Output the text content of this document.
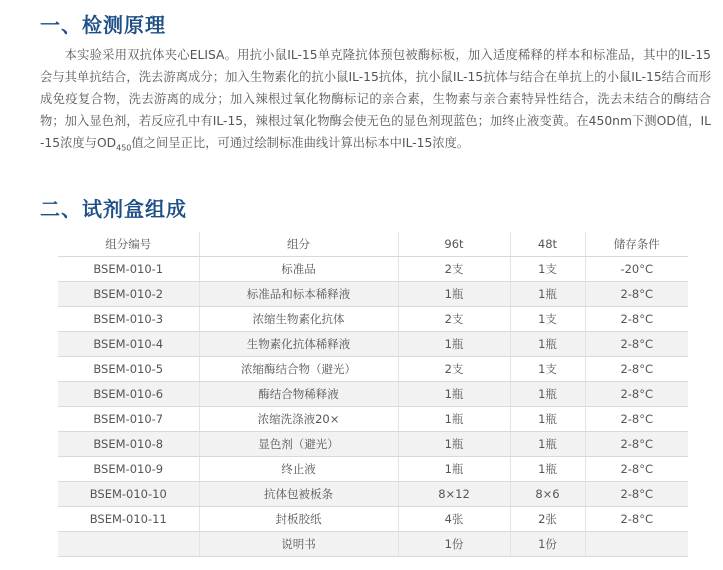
一、检测原理

本实验采用双抗体夹心ELISA。用抗小鼠IL-15单克隆抗体预包被酶标板，加入适度稀释的样本和标准品，其中的IL-15会与其单抗结合，洗去游离成分；加入生物素化的抗小鼠IL-15抗体，抗小鼠IL-15抗体与结合在单抗上的小鼠IL-15结合而形成免疫复合物，洗去游离的成分；加入辣根过氧化物酶标记的亲合素，生物素与亲合素特异性结合，洗去未结合的酶结合物；加入显色剂，若反应孔中有IL-15，辣根过氧化物酶会使无色的显色剂现蓝色；加终止液变黄。在450nm下测OD值，IL-15浓度与$OD_{450}$值之间呈正比，可通过绘制标准曲线计算出标本中IL-15浓度。

二、试剂盒组成
组分编号	组分	96t	48t	储存条件
BSEM-010-1	标准品	2支	1支	-20°C
BSEM-010-2	标准品和标本稀释液	1瓶	1瓶	2-8°C
BSEM-010-3	浓缩生物素化抗体	2支	1支	2-8°C
BSEM-010-4	生物素化抗体稀释液	1瓶	1瓶	2-8°C
BSEM-010-5	浓缩酶结合物（避光）	2支	1支	2-8°C
BSEM-010-6	酶结合物稀释液	1瓶	1瓶	2-8°C
BSEM-010-7	浓缩洗涤液20×	1瓶	1瓶	2-8°C
BSEM-010-8	显色剂（避光）	1瓶	1瓶	2-8°C
BSEM-010-9	终止液	1瓶	1瓶	2-8°C
BSEM-010-10	抗体包被板条	8×12	8×6	2-8°C
BSEM-010-11	封板胶纸	4张	2张	2-8°C
	说明书	1份	1份	
